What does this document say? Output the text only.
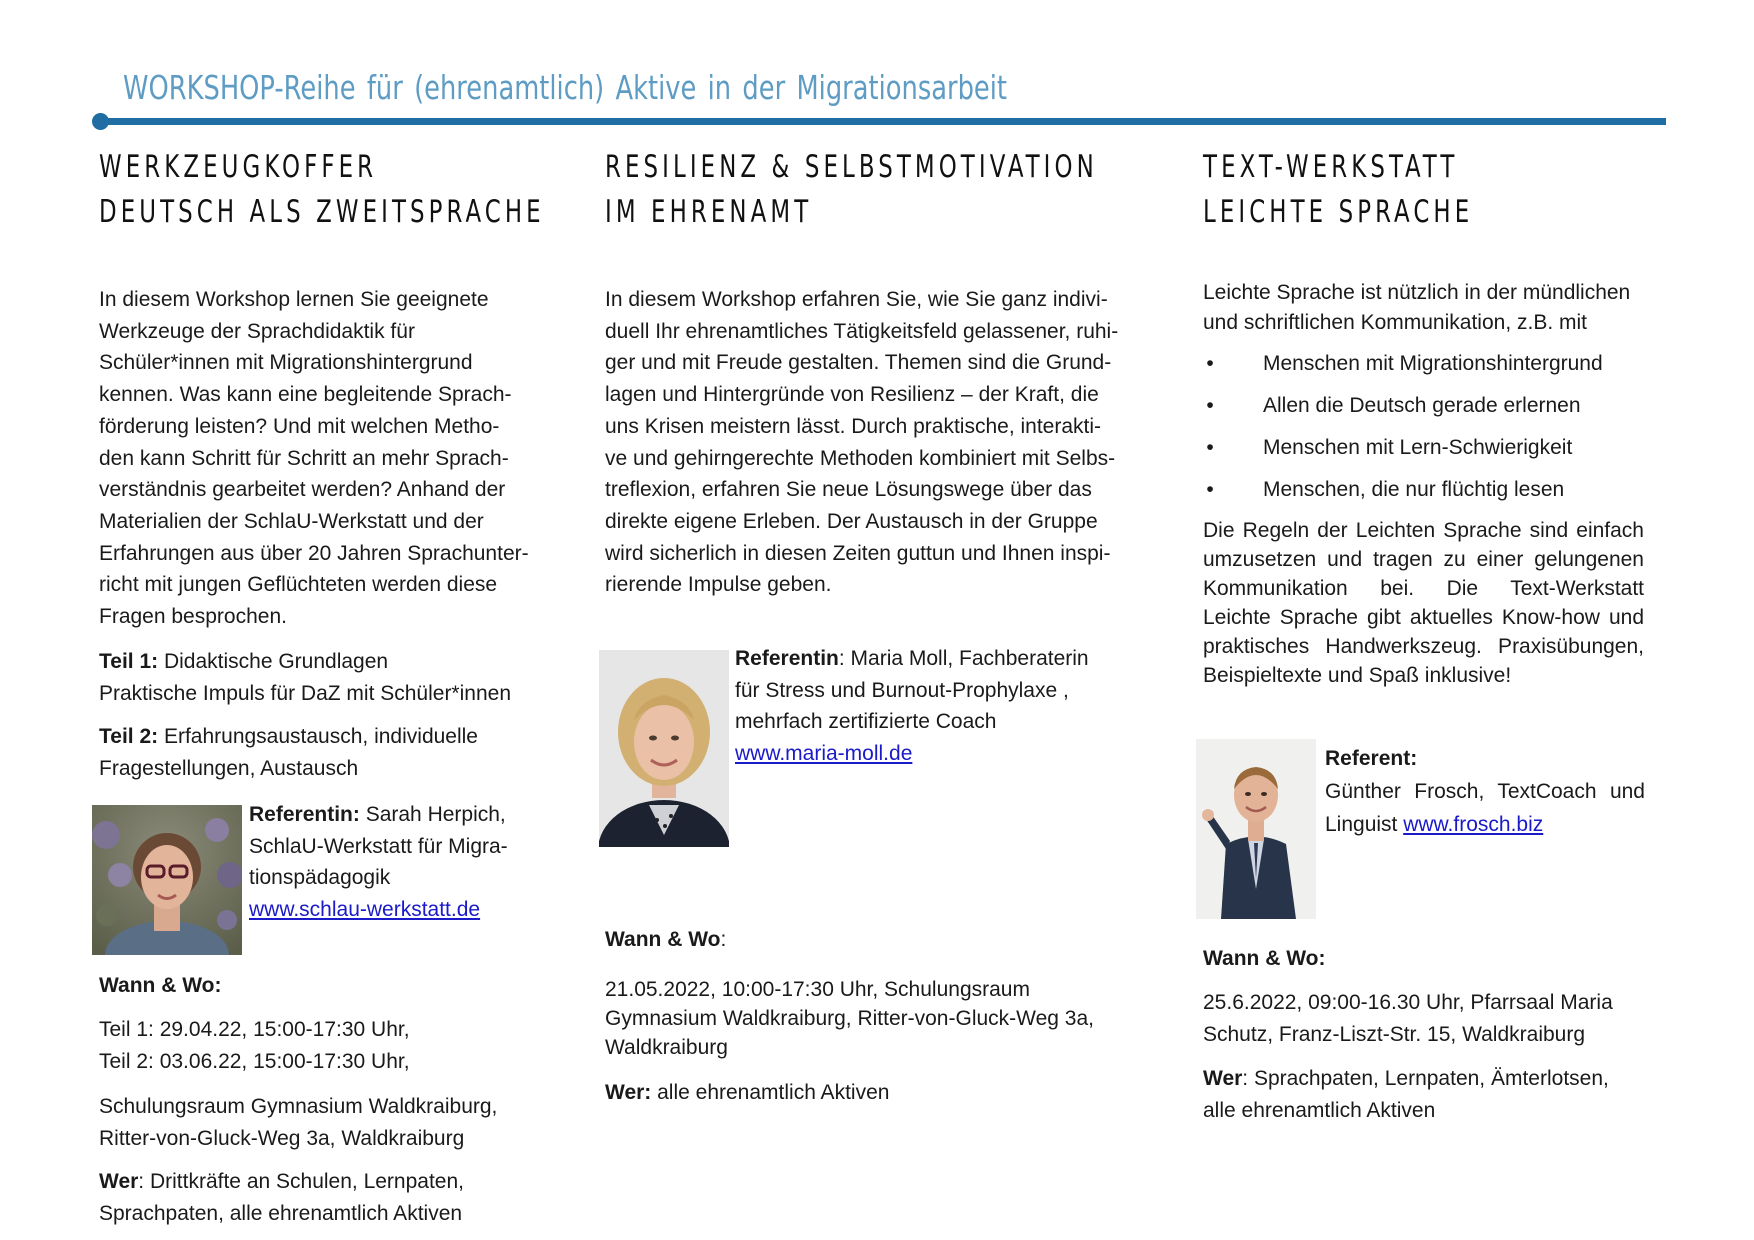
WORKSHOP-Reihe für (ehrenamtlich) Aktive in der Migrationsarbeit
WERKZEUGKOFFER
DEUTSCH ALS ZWEITSPRACHE
In diesem Workshop lernen Sie geeignete
Werkzeuge der Sprachdidaktik für
Schüler*innen mit Migrationshintergrund
kennen. Was kann eine begleitende Sprach-
förderung leisten? Und mit welchen Metho-
den kann Schritt für Schritt an mehr Sprach-
verständnis gearbeitet werden? Anhand der
Materialien der SchlaU-Werkstatt und der
Erfahrungen aus über 20 Jahren Sprachunter-
richt mit jungen Geflüchteten werden diese
Fragen besprochen.
Teil 1: Didaktische Grundlagen
Praktische Impuls für DaZ mit Schüler*innen
Teil 2: Erfahrungsaustausch, individuelle
Fragestellungen, Austausch
Referentin: Sarah Herpich,
SchlaU-Werkstatt für Migra-
tionspädagogik
www.schlau-werkstatt.de
Wann & Wo:
Teil 1: 29.04.22, 15:00-17:30 Uhr,
Teil 2: 03.06.22, 15:00-17:30 Uhr,
Schulungsraum Gymnasium Waldkraiburg,
Ritter-von-Gluck-Weg 3a, Waldkraiburg
Wer: Drittkräfte an Schulen, Lernpaten,
Sprachpaten, alle ehrenamtlich Aktiven
RESILIENZ & SELBSTMOTIVATION
IM EHRENAMT
In diesem Workshop erfahren Sie, wie Sie ganz indivi-
duell Ihr ehrenamtliches Tätigkeitsfeld gelassener, ruhi-
ger und mit Freude gestalten. Themen sind die Grund-
lagen und Hintergründe von Resilienz – der Kraft, die
uns Krisen meistern lässt. Durch praktische, interakti-
ve und gehirngerechte Methoden kombiniert mit Selbs-
treflexion, erfahren Sie neue Lösungswege über das
direkte eigene Erleben. Der Austausch in der Gruppe
wird sicherlich in diesen Zeiten guttun und Ihnen inspi-
rierende Impulse geben.
Referentin: Maria Moll, Fachberaterin
für Stress und Burnout-Prophylaxe ,
mehrfach zertifizierte Coach
www.maria-moll.de
Wann & Wo:
21.05.2022, 10:00-17:30 Uhr, Schulungsraum
Gymnasium Waldkraiburg, Ritter-von-Gluck-Weg 3a,
Waldkraiburg
Wer: alle ehrenamtlich Aktiven
TEXT-WERKSTATT
LEICHTE SPRACHE
Leichte Sprache ist nützlich in der mündlichen
und schriftlichen Kommunikation, z.B. mit
• Menschen mit Migrationshintergrund
• Allen die Deutsch gerade erlernen
• Menschen mit Lern-Schwierigkeit
• Menschen, die nur flüchtig lesen
Die Regeln der Leichten Sprache sind einfach
umzusetzen und tragen zu einer gelungenen
Kommunikation bei. Die Text-Werkstatt
Leichte Sprache gibt aktuelles Know-how und
praktisches Handwerkszeug. Praxisübungen,
Beispieltexte und Spaß inklusive!
Referent:
Günther Frosch, TextCoach und
Linguist www.frosch.biz
Wann & Wo:
25.6.2022, 09:00-16.30 Uhr, Pfarrsaal Maria
Schutz, Franz-Liszt-Str. 15, Waldkraiburg
Wer: Sprachpaten, Lernpaten, Ämterlotsen,
alle ehrenamtlich Aktiven
